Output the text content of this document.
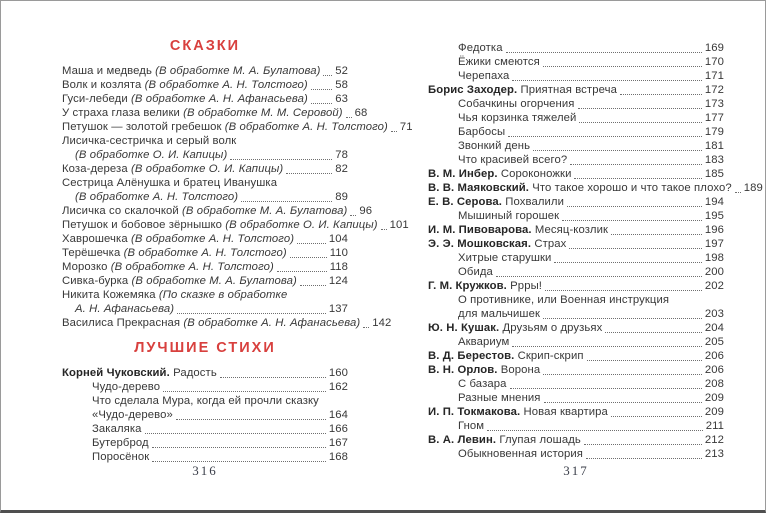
СКАЗКИ
Маша и медведь (В обработке М. А. Булатова) 52
Волк и козлята (В обработке А. Н. Толстого) 58
Гуси-лебеди (В обработке А. Н. Афанасьева) 63
У страха глаза велики (В обработке М. М. Серовой) 68
Петушок — золотой гребешок (В обработке А. Н. Толстого) 71
Лисичка-сестричка и серый волк
(В обработке О. И. Капицы)	78
Коза-дереза (В обработке О. И. Капицы)	82
Сестрица Алёнушка и братец Иванушка
(В обработке А. Н. Толстого)	89
Лисичка со скалочкой (В обработке М. А. Булатова) 96
Петушок и бобовое зёрнышко (В обработке О. И. Капицы) 101
Хаврошечка (В обработке А. Н. Толстого)	104
Терёшечка (В обработке А. Н. Толстого)	110
Морозко (В обработке А. Н. Толстого)	118
Сивка-бурка (В обработке М. А. Булатова)	124
Никита Кожемяка (По сказке в обработке
А. Н. Афанасьева)	137
Василиса Прекрасная (В обработке А. Н. Афанасьева) 142
ЛУЧШИЕ СТИХИ
Корней Чуковский. Радость	160
Чудо-дерево	162
Что сделала Мура, когда ей прочли сказку
«Чудо-дерево»	164
Закаляка	166
Бутерброд	167
Поросёнок	168
Федотка	169
Ёжики смеются	170
Черепаха	171
Борис Заходер. Приятная встреча	172
Собачкины огорчения	173
Чья корзинка тяжелей	177
Барбосы	179
Звонкий день	181
Что красивей всего?	183
В. М. Инбер. Сороконожки	185
В. В. Маяковский. Что такое хорошо и что такое плохо? 189
Е. В. Серова. Похвалили	194
Мышиный горошек	195
И. М. Пивоварова. Месяц-козлик	196
Э. Э. Мошковская. Страх	197
Хитрые старушки	198
Обида	200
Г. М. Кружков. Ррры!	202
О противнике, или Военная инструкция
для мальчишек	203
Ю. Н. Кушак. Друзьям о друзьях	204
Аквариум	205
В. Д. Берестов. Скрип-скрип	206
В. Н. Орлов. Ворона	206
С базара	208
Разные мнения	209
И. П. Токмакова. Новая квартира	209
Гном	211
В. А. Левин. Глупая лошадь	212
Обыкновенная история	213
316	317
